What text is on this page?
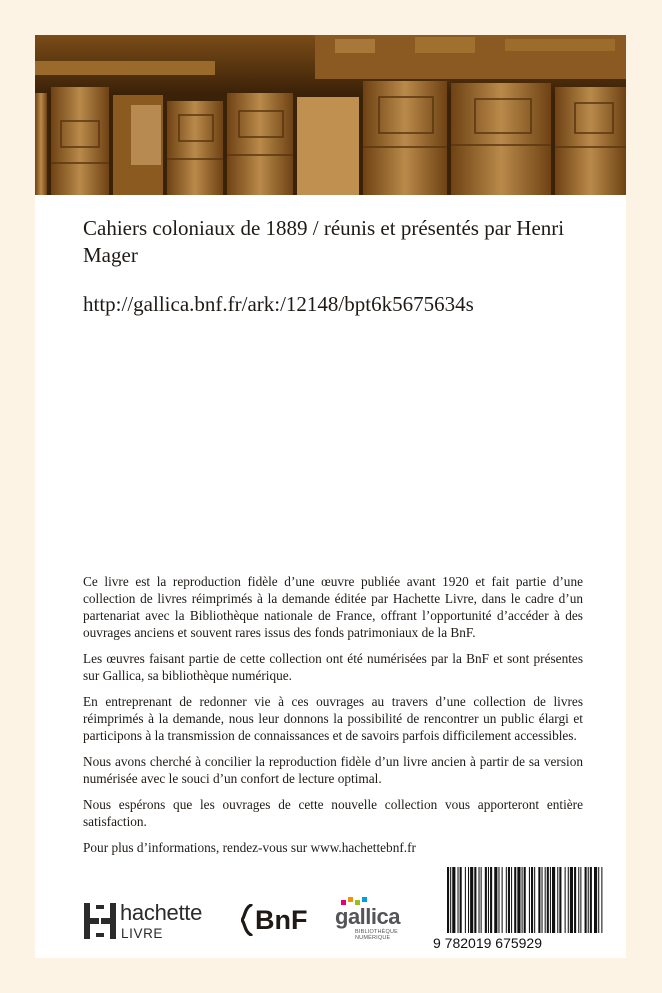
Cahiers coloniaux de 1889 / réunis et présentés par Henri Mager
http://gallica.bnf.fr/ark:/12148/bpt6k5675634s

Ce livre est la reproduction fidèle d’une œuvre publiée avant 1920 et fait partie d’une collection de livres réimprimés à la demande éditée par Hachette Livre, dans le cadre d’un partenariat avec la Bibliothèque nationale de France, offrant l’opportunité d’accéder à des ouvrages anciens et souvent rares issus des fonds patrimoniaux de la BnF.

Les œuvres faisant partie de cette collection ont été numérisées par la BnF et sont présentes sur Gallica, sa bibliothèque numérique.

En entreprenant de redonner vie à ces ouvrages au travers d’une collection de livres réimprimés à la demande, nous leur donnons la possibilité de rencontrer un public élargi et participons à la transmission de connaissances et de savoirs parfois difficilement accessibles.

Nous avons cherché à concilier la reproduction fidèle d’un livre ancien à partir de sa version numérisée avec le souci d’un confort de lecture optimal.

Nous espérons que les ouvrages de cette nouvelle collection vous apporteront entière satisfaction.

Pour plus d’informations, rendez-vous sur www.hachettebnf.fr

hachette
LIVRE	BnF gallica
BIBLIOTHÈQUE
NUMÉRIQUE	9 782019 675929
